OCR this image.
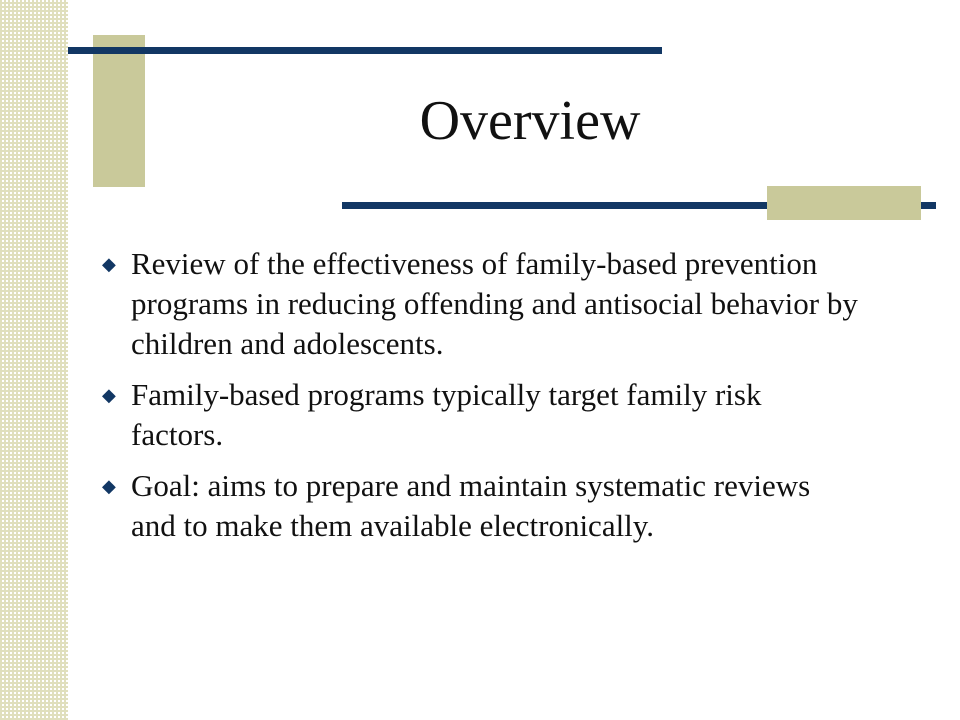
Overview
◆ Review of the effectiveness of family-based prevention programs in reducing offending and antisocial behavior by children and adolescents.
◆ Family-based programs typically target family risk factors.
◆ Goal: aims to prepare and maintain systematic reviews and to make them available electronically.
